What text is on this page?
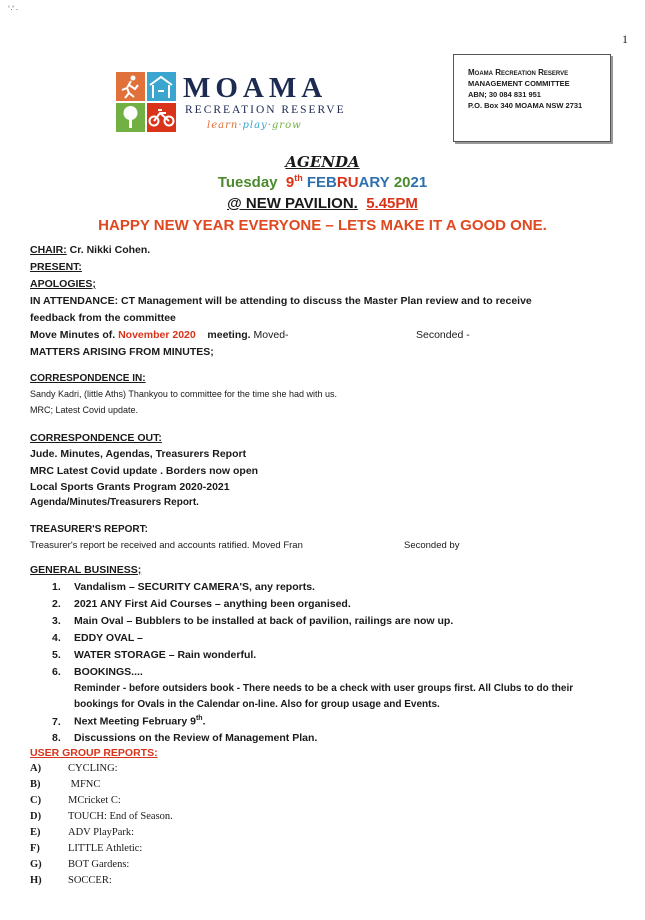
ʻ·̓ ·
1
MOAMA
RECREATION RESERVE
learn·play·grow
Moama Recreation Reserve
MANAGEMENT COMMITTEE
ABN; 30 084 831 951
P.O. Box 340 MOAMA NSW 2731
AGENDA
Tuesday 9th FEBRUARY 2021
@ NEW PAVILION. 5.45PM
HAPPY NEW YEAR EVERYONE – LETS MAKE IT A GOOD ONE.
CHAIR: Cr. Nikki Cohen.
PRESENT:
APOLOGIES;
IN ATTENDANCE: CT Management will be attending to discuss the Master Plan review and to receive
feedback from the committee
Move Minutes of. November 2020 meeting. Moved-	Seconded -
MATTERS ARISING FROM MINUTES;
CORRESPONDENCE IN:
Sandy Kadri, (little Aths) Thankyou to committee for the time she had with us.
MRC; Latest Covid update.
CORRESPONDENCE OUT:
Jude. Minutes, Agendas, Treasurers Report
MRC Latest Covid update . Borders now open
Local Sports Grants Program 2020-2021
Agenda/Minutes/Treasurers Report.
TREASURER'S REPORT:
Treasurer's report be received and accounts ratified. Moved Fran	Seconded by
GENERAL BUSINESS;
1. Vandalism – SECURITY CAMERA'S, any reports.
2. 2021 ANY First Aid Courses – anything been organised.
3. Main Oval – Bubblers to be installed at back of pavilion, railings are now up.
4. EDDY OVAL –
5. WATER STORAGE – Rain wonderful.
6. BOOKINGS....
Reminder - before outsiders book - There needs to be a check with user groups first. All Clubs to do their
bookings for Ovals in the Calendar on-line. Also for group usage and Events.
7. Next Meeting February 9th.
8. Discussions on the Review of Management Plan.
USER GROUP REPORTS:
A)	CYCLING:
B)	MFNC
C)	MCricket C:
D)	TOUCH: End of Season.
E)	ADV PlayPark:
F)	LITTLE Athletic:
G)	BOT Gardens:
H)	SOCCER:
